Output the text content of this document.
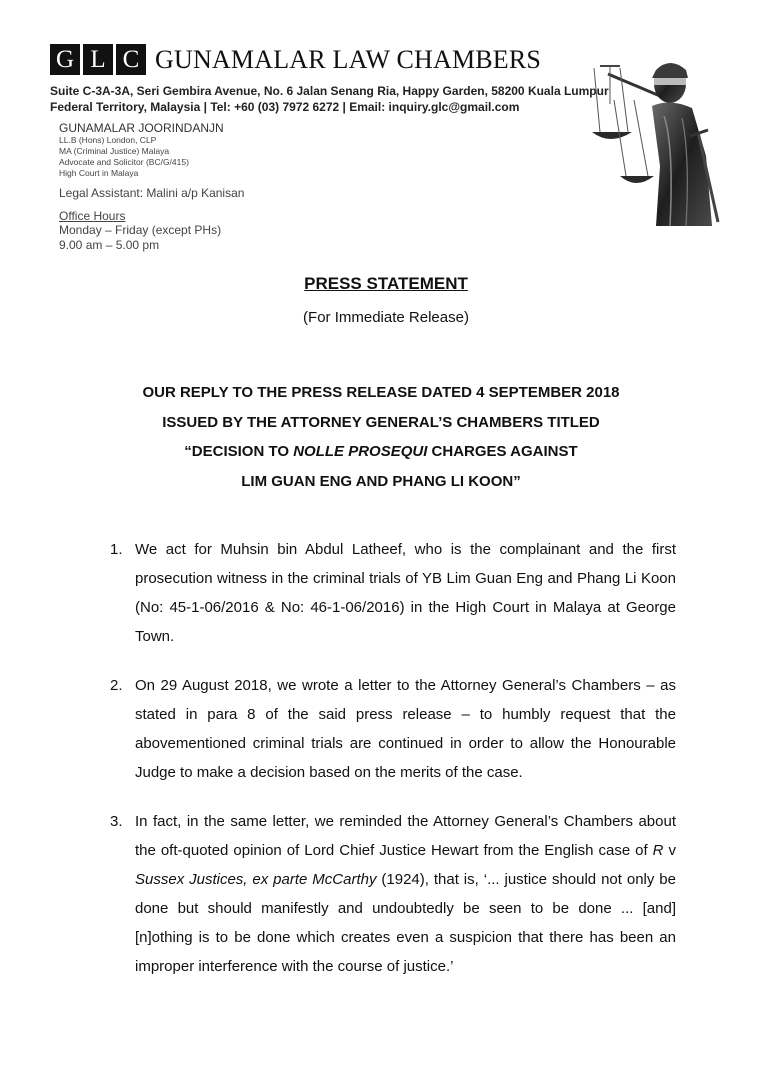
G L C GUNAMALAR LAW CHAMBERS
Suite C-3A-3A, Seri Gembira Avenue, No. 6 Jalan Senang Ria, Happy Garden, 58200 Kuala Lumpur
Federal Territory, Malaysia | Tel: +60 (03) 7972 6272 | Email: inquiry.glc@gmail.com
GUNAMALAR JOORINDANJN
LL.B (Hons) London, CLP
MA (Criminal Justice) Malaya
Advocate and Solicitor (BC/G/415)
High Court in Malaya
Legal Assistant: Malini a/p Kanisan
Office Hours
Monday – Friday (except PHs)
9.00 am – 5.00 pm
PRESS STATEMENT
(For Immediate Release)
OUR REPLY TO THE PRESS RELEASE DATED 4 SEPTEMBER 2018
ISSUED BY THE ATTORNEY GENERAL’S CHAMBERS TITLED
“DECISION TO NOLLE PROSEQUI CHARGES AGAINST
LIM GUAN ENG AND PHANG LI KOON”
1. We act for Muhsin bin Abdul Latheef, who is the complainant and the first prosecution witness in the criminal trials of YB Lim Guan Eng and Phang Li Koon (No: 45-1-06/2016 & No: 46-1-06/2016) in the High Court in Malaya at George Town.
2. On 29 August 2018, we wrote a letter to the Attorney General’s Chambers – as stated in para 8 of the said press release – to humbly request that the abovementioned criminal trials are continued in order to allow the Honourable Judge to make a decision based on the merits of the case.
3. In fact, in the same letter, we reminded the Attorney General’s Chambers about the oft-quoted opinion of Lord Chief Justice Hewart from the English case of R v Sussex Justices, ex parte McCarthy (1924), that is, ‘... justice should not only be done but should manifestly and undoubtedly be seen to be done ... [and] [n]othing is to be done which creates even a suspicion that there has been an improper interference with the course of justice.’
